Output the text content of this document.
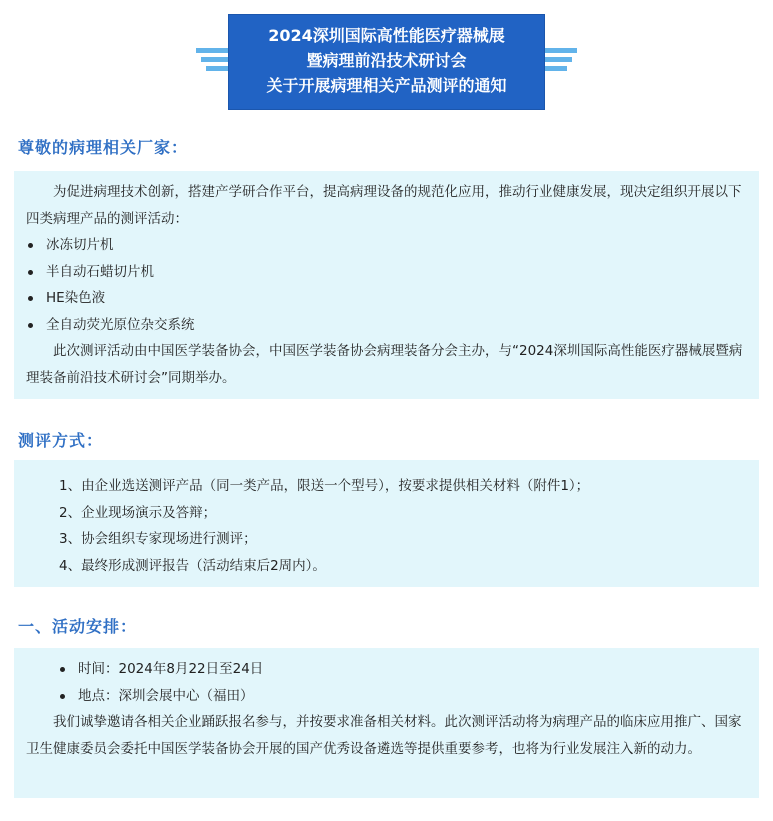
2024深圳国际高性能医疗器械展
暨病理前沿技术研讨会
关于开展病理相关产品测评的通知
尊敬的病理相关厂家：
为促进病理技术创新，搭建产学研合作平台，提高病理设备的规范化应用，推动行业健康发展，现决定组织开展以下四类病理产品的测评活动：
冰冻切片机
半自动石蜡切片机
HE染色液
全自动荧光原位杂交系统
此次测评活动由中国医学装备协会，中国医学装备协会病理装备分会主办，与“2024深圳国际高性能医疗器械展暨病理装备前沿技术研讨会”同期举办。
测评方式：
1、由企业选送测评产品（同一类产品，限送一个型号），按要求提供相关材料（附件1）；
2、企业现场演示及答辩；
3、协会组织专家现场进行测评；
4、最终形成测评报告（活动结束后2周内）。
一、活动安排：
时间：2024年8月22日至24日
地点：深圳会展中心（福田）
我们诚挚邀请各相关企业踊跃报名参与，并按要求准备相关材料。此次测评活动将为病理产品的临床应用推广、国家卫生健康委员会委托中国医学装备协会开展的国产优秀设备遴选等提供重要参考，也将为行业发展注入新的动力。
